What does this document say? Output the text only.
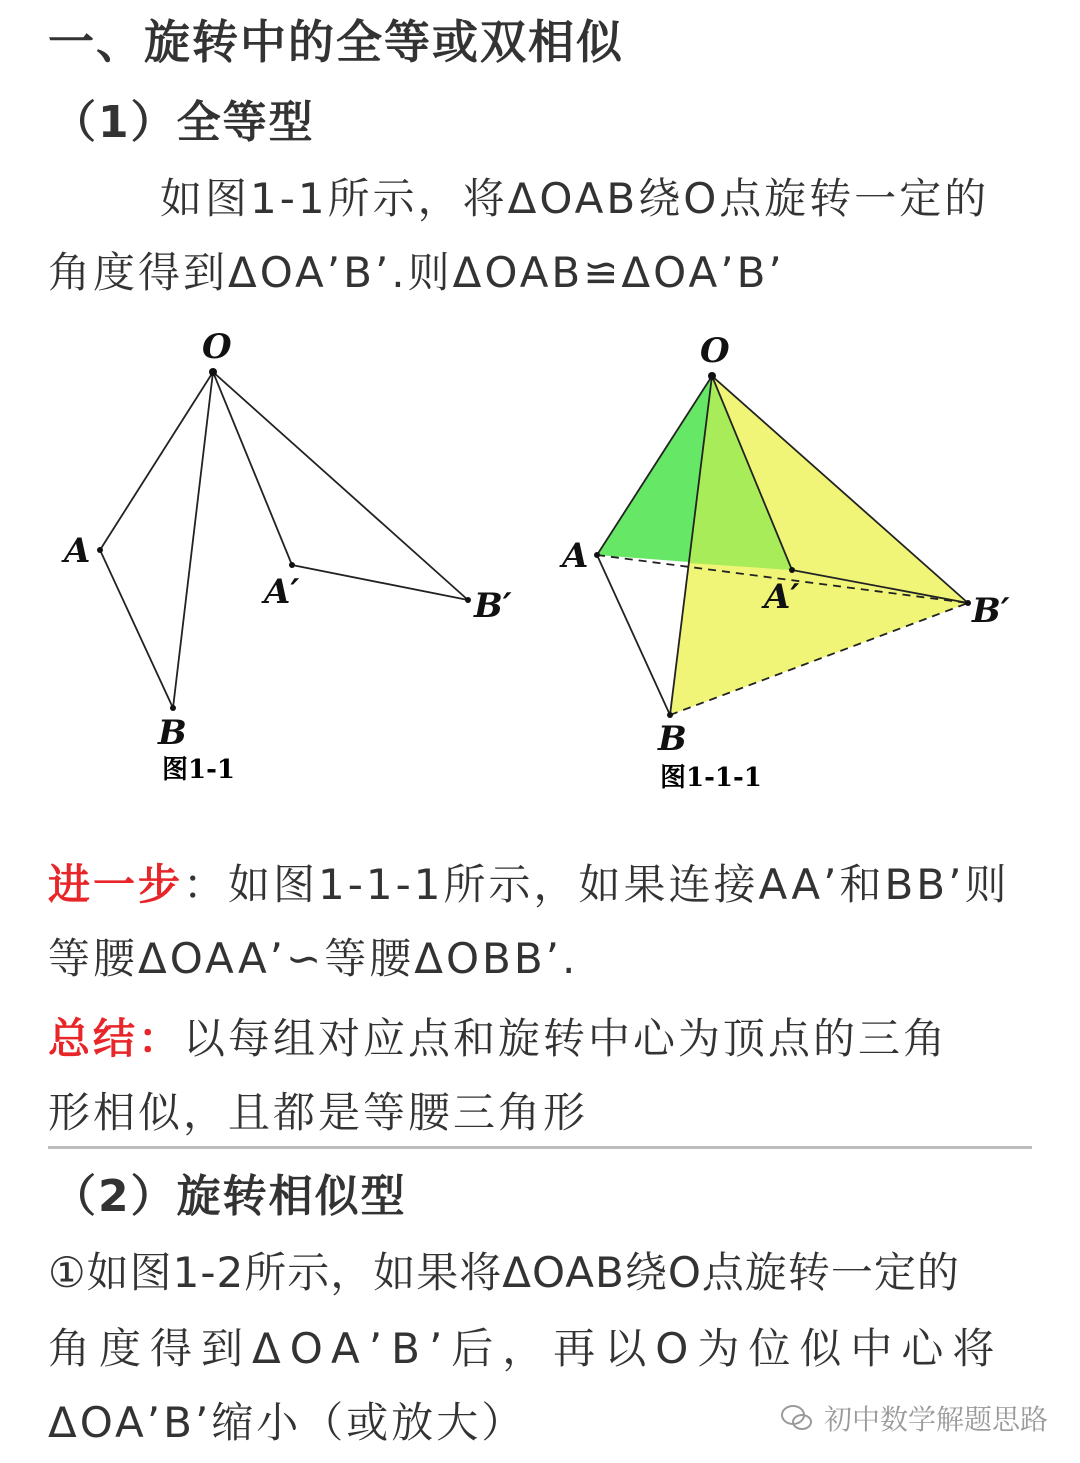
一、旋转中的全等或双相似
（1）全等型
如图1-1所示，将ΔOAB绕O点旋转一定的
角度得到ΔOA’B’.则ΔOAB≌ΔOA’B’
O
A
A′	B′
B
图1-1
O
A
A′	B′
B
图1-1-1
进一步：如图1-1-1所示，如果连接AA’和BB’则
等腰ΔOAA’∽等腰ΔOBB’.
总结：以每组对应点和旋转中心为顶点的三角
形相似，且都是等腰三角形
（2）旋转相似型
①如图1-2所示，如果将ΔOAB绕O点旋转一定的
角度得到ΔOA’B’后，再以O为位似中心将
ΔOA’B’缩小（或放大）	初中数学解题思路
